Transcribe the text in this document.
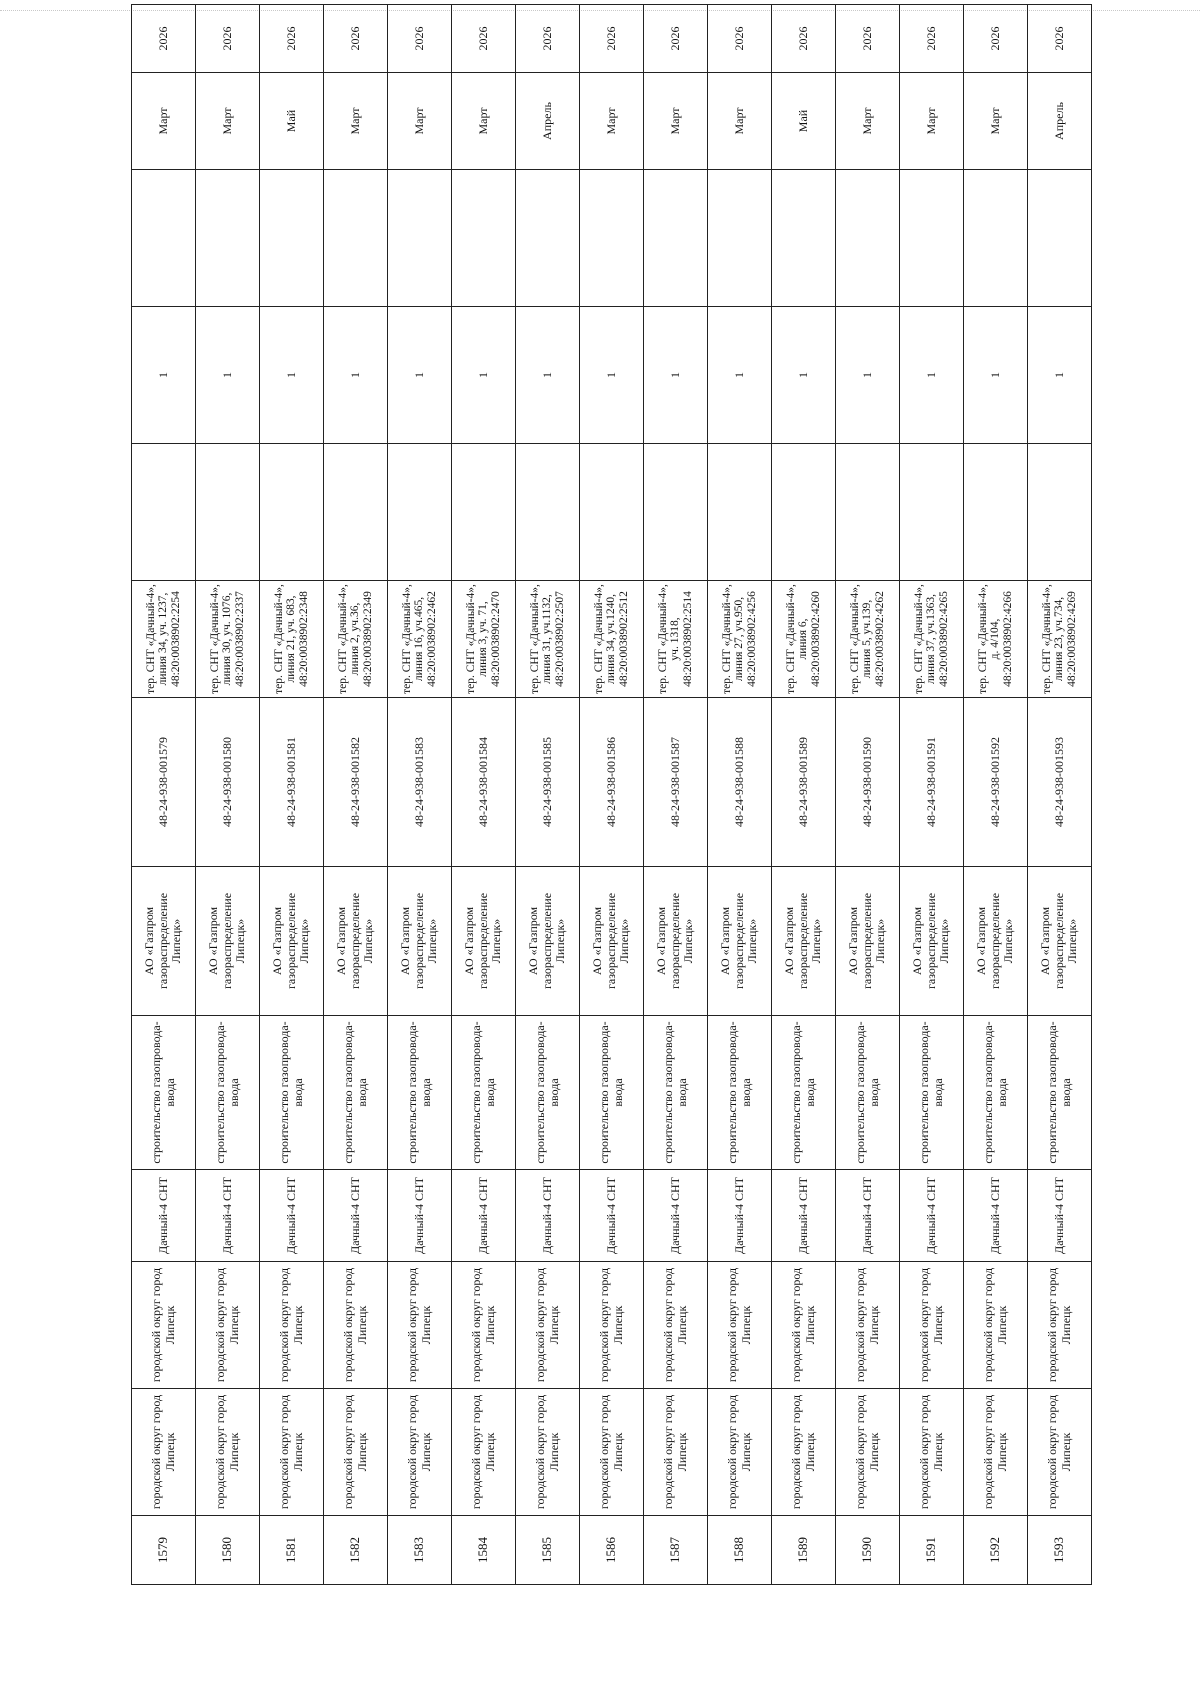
1579	городской округ город Липецк	городской округ город Липецк	Дачный-4 СНТ	строительство газопровода-ввода	АО «Газпром газораспределение Липецк»	48-24-938-001579	тер. СНТ «Дачный-4», линия 34, уч. 1237, 48:20:0038902:2254		1		Март	2026
1580	городской округ город Липецк	городской округ город Липецк	Дачный-4 СНТ	строительство газопровода-ввода	АО «Газпром газораспределение Липецк»	48-24-938-001580	тер. СНТ «Дачный-4», линия 30, уч. 1076, 48:20:0038902:2337		1		Март	2026
1581	городской округ город Липецк	городской округ город Липецк	Дачный-4 СНТ	строительство газопровода-ввода	АО «Газпром газораспределение Липецк»	48-24-938-001581	тер. СНТ «Дачный-4», линия 21, уч. 683, 48:20:0038902:2348		1		Май	2026
1582	городской округ город Липецк	городской округ город Липецк	Дачный-4 СНТ	строительство газопровода-ввода	АО «Газпром газораспределение Липецк»	48-24-938-001582	тер. СНТ «Дачный-4», линия 2, уч.36, 48:20:0038902:2349		1		Март	2026
1583	городской округ город Липецк	городской округ город Липецк	Дачный-4 СНТ	строительство газопровода-ввода	АО «Газпром газораспределение Липецк»	48-24-938-001583	тер. СНТ «Дачный-4», линия 16, уч.465, 48:20:0038902:2462		1		Март	2026
1584	городской округ город Липецк	городской округ город Липецк	Дачный-4 СНТ	строительство газопровода-ввода	АО «Газпром газораспределение Липецк»	48-24-938-001584	тер. СНТ «Дачный-4», линия 3, уч. 71, 48:20:0038902:2470		1		Март	2026
1585	городской округ город Липецк	городской округ город Липецк	Дачный-4 СНТ	строительство газопровода-ввода	АО «Газпром газораспределение Липецк»	48-24-938-001585	тер. СНТ «Дачный-4», линия 31, уч.1132, 48:20:0038902:2507		1		Апрель	2026
1586	городской округ город Липецк	городской округ город Липецк	Дачный-4 СНТ	строительство газопровода-ввода	АО «Газпром газораспределение Липецк»	48-24-938-001586	тер. СНТ «Дачный-4», линия 34, уч.1240, 48:20:0038902:2512		1		Март	2026
1587	городской округ город Липецк	городской округ город Липецк	Дачный-4 СНТ	строительство газопровода-ввода	АО «Газпром газораспределение Липецк»	48-24-938-001587	тер. СНТ «Дачный-4», уч. 1318, 48:20:0038902:2514		1		Март	2026
1588	городской округ город Липецк	городской округ город Липецк	Дачный-4 СНТ	строительство газопровода-ввода	АО «Газпром газораспределение Липецк»	48-24-938-001588	тер. СНТ «Дачный-4», линия 27, уч.950, 48:20:0038902:4256		1		Март	2026
1589	городской округ город Липецк	городской округ город Липецк	Дачный-4 СНТ	строительство газопровода-ввода	АО «Газпром газораспределение Липецк»	48-24-938-001589	тер. СНТ «Дачный-4», линия 6, 48:20:0038902:4260		1		Май	2026
1590	городской округ город Липецк	городской округ город Липецк	Дачный-4 СНТ	строительство газопровода-ввода	АО «Газпром газораспределение Липецк»	48-24-938-001590	тер. СНТ «Дачный-4», линия 5, уч.139, 48:20:0038902:4262		1		Март	2026
1591	городской округ город Липецк	городской округ город Липецк	Дачный-4 СНТ	строительство газопровода-ввода	АО «Газпром газораспределение Липецк»	48-24-938-001591	тер. СНТ «Дачный-4», линия 37, уч.1363, 48:20:0038902:4265		1		Март	2026
1592	городской округ город Липецк	городской округ город Липецк	Дачный-4 СНТ	строительство газопровода-ввода	АО «Газпром газораспределение Липецк»	48-24-938-001592	тер. СНТ «Дачный-4», д. 4/104, 48:20:0038902:4266		1		Март	2026
1593	городской округ город Липецк	городской округ город Липецк	Дачный-4 СНТ	строительство газопровода-ввода	АО «Газпром газораспределение Липецк»	48-24-938-001593	тер. СНТ «Дачный-4», линия 23, уч.734, 48:20:0038902:4269		1		Апрель	2026
